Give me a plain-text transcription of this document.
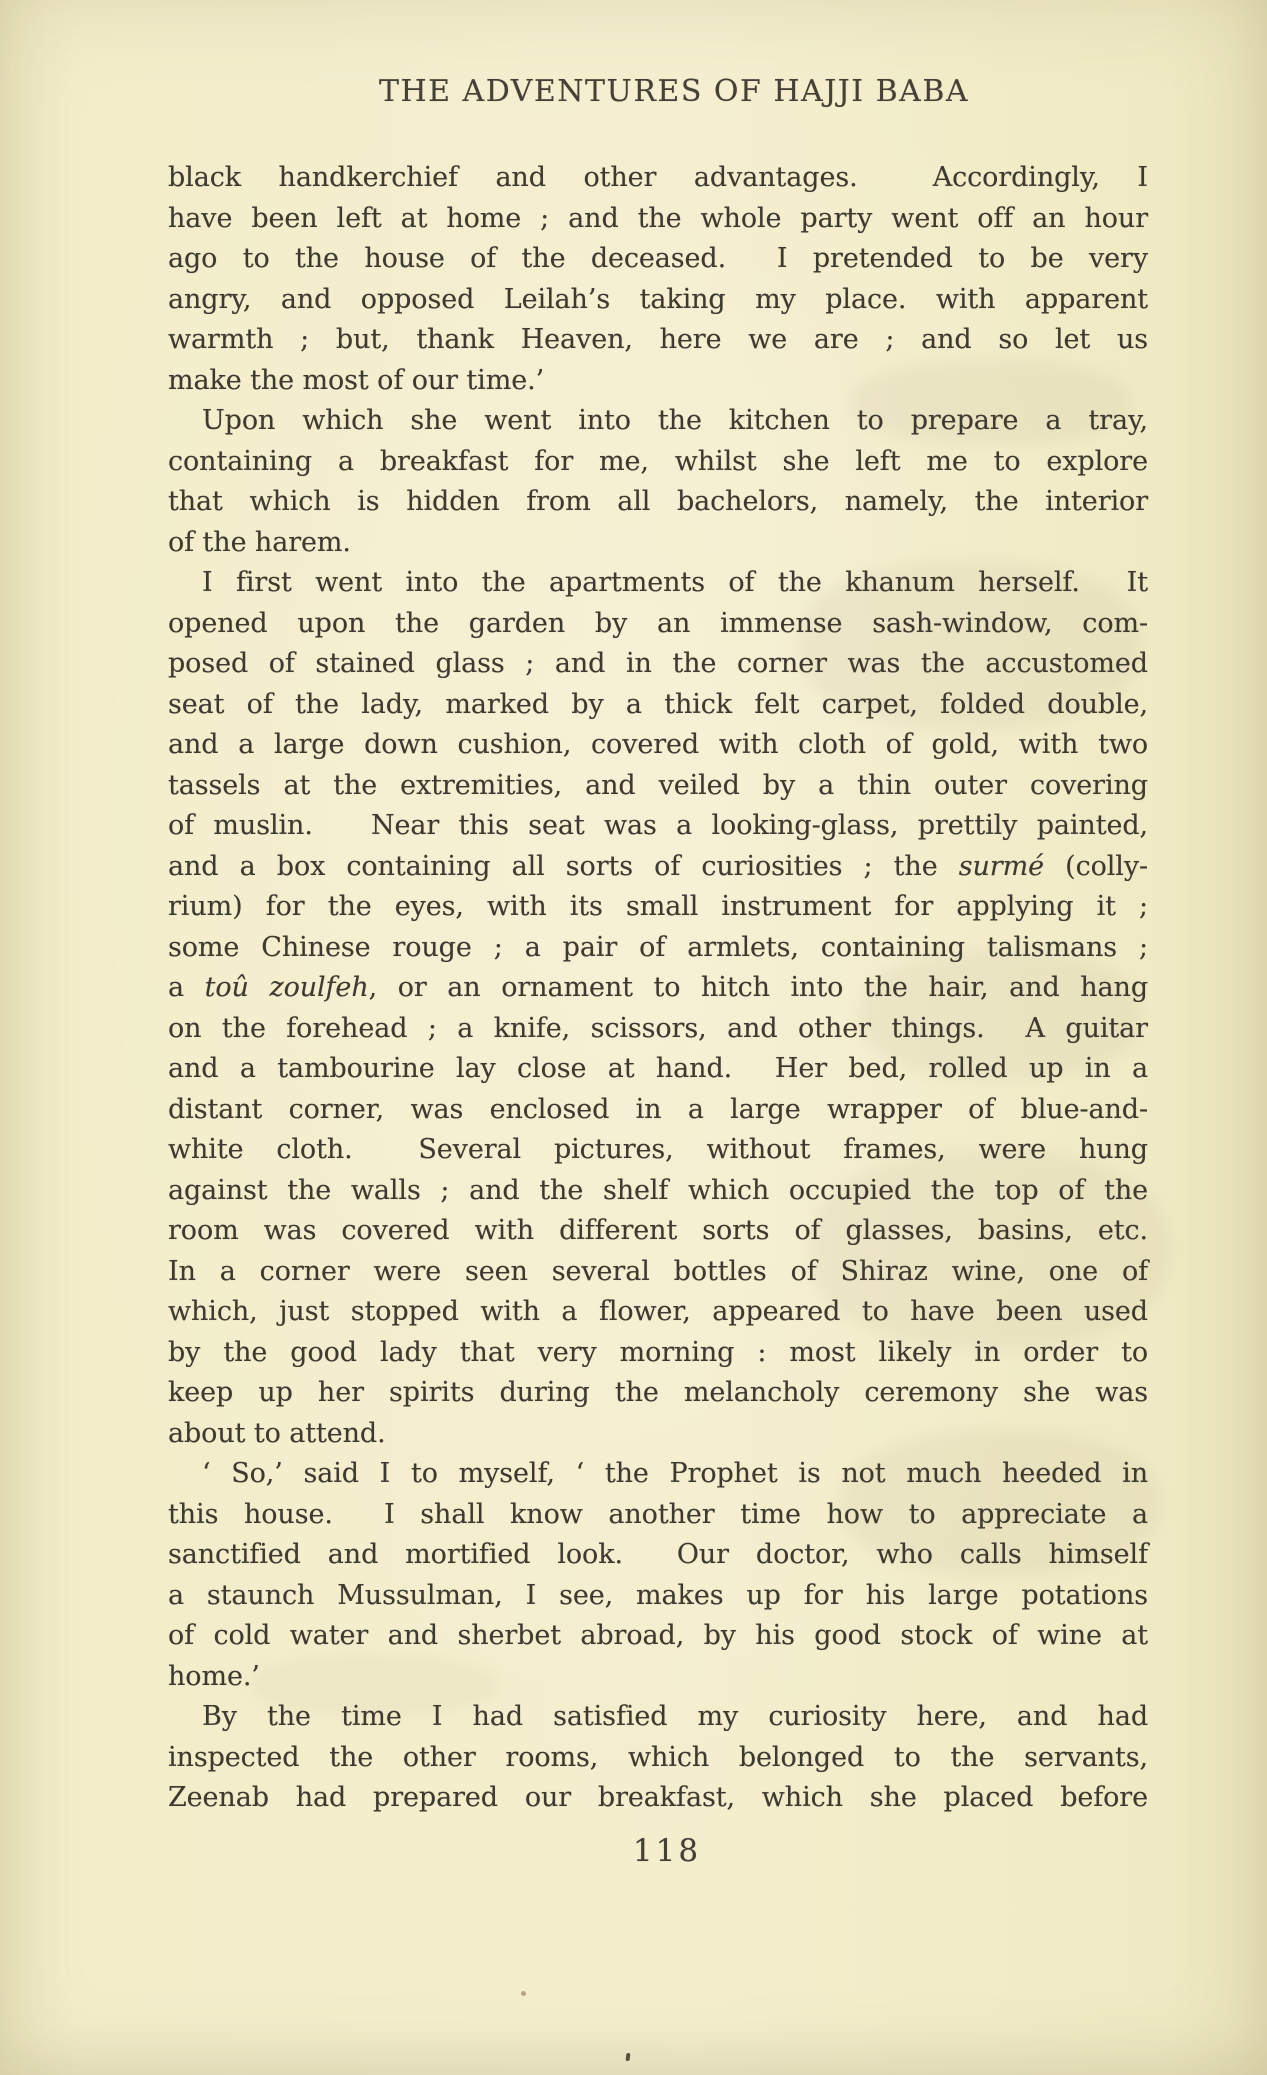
THE ADVENTURES OF HAJJI BABA
black handkerchief and other advantages.  Accordingly, I
have been left at home ; and the whole party went off an hour
ago to the house of the deceased.  I pretended to be very
angry, and opposed Leilah’s taking my place. with apparent
warmth ; but, thank Heaven, here we are ; and so let us
make the most of our time.’
Upon which she went into the kitchen to prepare a tray,
containing a breakfast for me, whilst she left me to explore
that which is hidden from all bachelors, namely, the interior
of the harem.
I first went into the apartments of the khanum herself.  It
opened upon the garden by an immense sash-window, com-
posed of stained glass ; and in the corner was the accustomed
seat of the lady, marked by a thick felt carpet, folded double,
and a large down cushion, covered with cloth of gold, with two
tassels at the extremities, and veiled by a thin outer covering
of muslin.   Near this seat was a looking-glass, prettily painted,
and a box containing all sorts of curiosities ; the surmé (colly-
rium) for the eyes, with its small instrument for applying it ;
some Chinese rouge ; a pair of armlets, containing talismans ;
a toû zoulfeh, or an ornament to hitch into the hair, and hang
on the forehead ; a knife, scissors, and other things.  A guitar
and a tambourine lay close at hand.  Her bed, rolled up in a
distant corner, was enclosed in a large wrapper of blue-and-
white cloth.  Several pictures, without frames, were hung
against the walls ; and the shelf which occupied the top of the
room was covered with different sorts of glasses, basins, etc.
In a corner were seen several bottles of Shiraz wine, one of
which, just stopped with a flower, appeared to have been used
by the good lady that very morning : most likely in order to
keep up her spirits during the melancholy ceremony she was
about to attend.
‘ So,’ said I to myself, ‘ the Prophet is not much heeded in
this house.  I shall know another time how to appreciate a
sanctified and mortified look.  Our doctor, who calls himself
a staunch Mussulman, I see, makes up for his large potations
of cold water and sherbet abroad, by his good stock of wine at
home.’
By the time I had satisfied my curiosity here, and had
inspected the other rooms, which belonged to the servants,
Zeenab had prepared our breakfast, which she placed before
118
